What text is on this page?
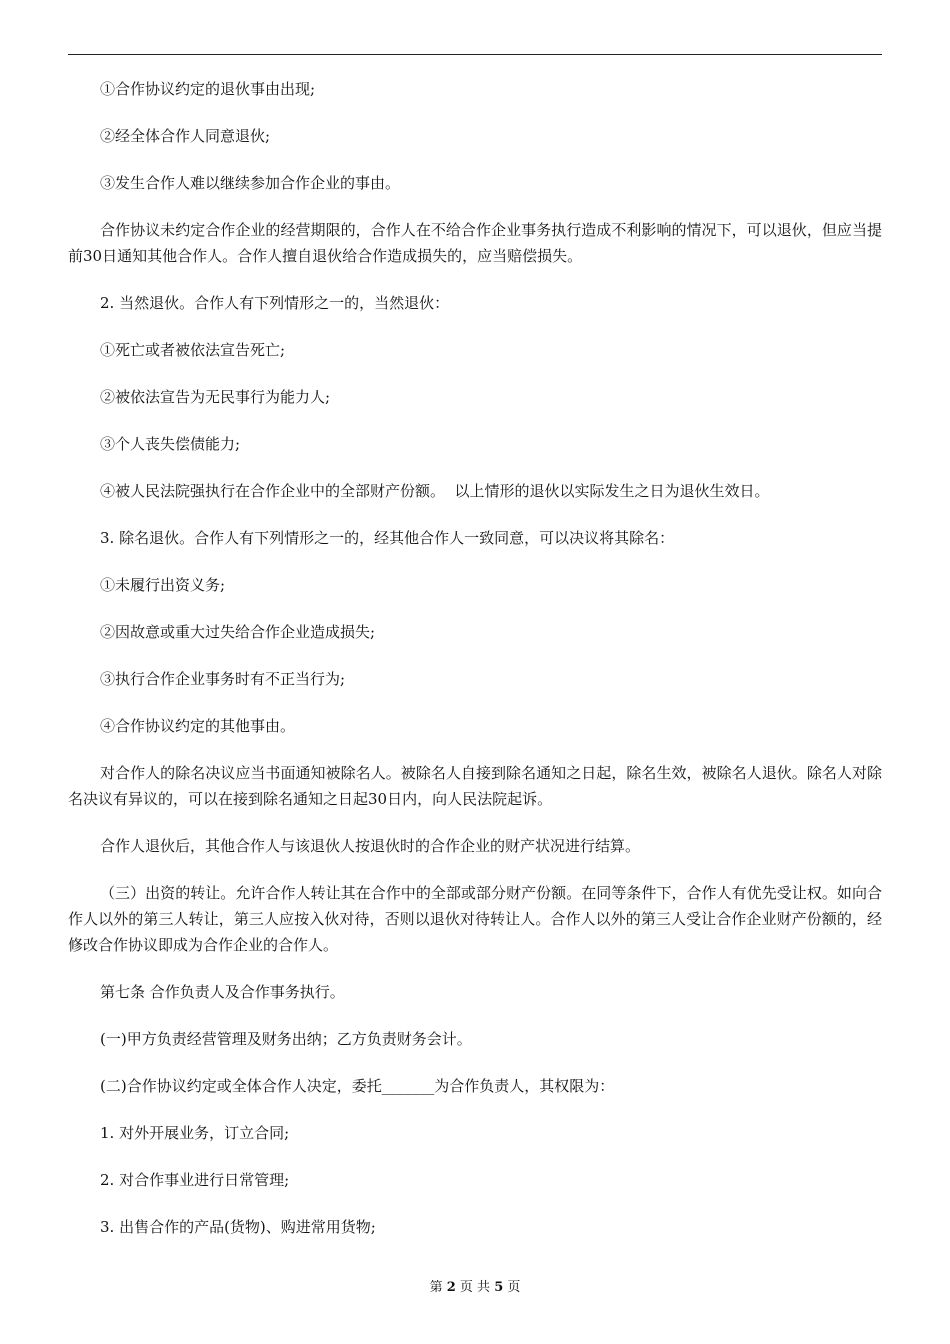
①合作协议约定的退伙事由出现;

②经全体合作人同意退伙;

③发生合作人难以继续参加合作企业的事由。

合作协议未约定合作企业的经营期限的，合作人在不给合作企业事务执行造成不利影响的情况下，可以退伙，但应当提前30日通知其他合作人。合作人擅自退伙给合作造成损失的，应当赔偿损失。

2. 当然退伙。合作人有下列情形之一的，当然退伙：

①死亡或者被依法宣告死亡;

②被依法宣告为无民事行为能力人;

③个人丧失偿债能力;

④被人民法院强执行在合作企业中的全部财产份额。  以上情形的退伙以实际发生之日为退伙生效日。

3. 除名退伙。合作人有下列情形之一的，经其他合作人一致同意，可以决议将其除名：

①未履行出资义务;

②因故意或重大过失给合作企业造成损失;

③执行合作企业事务时有不正当行为;

④合作协议约定的其他事由。

对合作人的除名决议应当书面通知被除名人。被除名人自接到除名通知之日起，除名生效，被除名人退伙。除名人对除名决议有异议的，可以在接到除名通知之日起30日内，向人民法院起诉。

合作人退伙后，其他合作人与该退伙人按退伙时的合作企业的财产状况进行结算。

（三）出资的转让。允许合作人转让其在合作中的全部或部分财产份额。在同等条件下，合作人有优先受让权。如向合作人以外的第三人转让，第三人应按入伙对待，否则以退伙对待转让人。合作人以外的第三人受让合作企业财产份额的，经修改合作协议即成为合作企业的合作人。

第七条 合作负责人及合作事务执行。

(一)甲方负责经营管理及财务出纳；乙方负责财务会计。

(二)合作协议约定或全体合作人决定，委托_______为合作负责人，其权限为：

1. 对外开展业务，订立合同;

2. 对合作事业进行日常管理;

3. 出售合作的产品(货物)、购进常用货物;

第 2 页 共 5 页
